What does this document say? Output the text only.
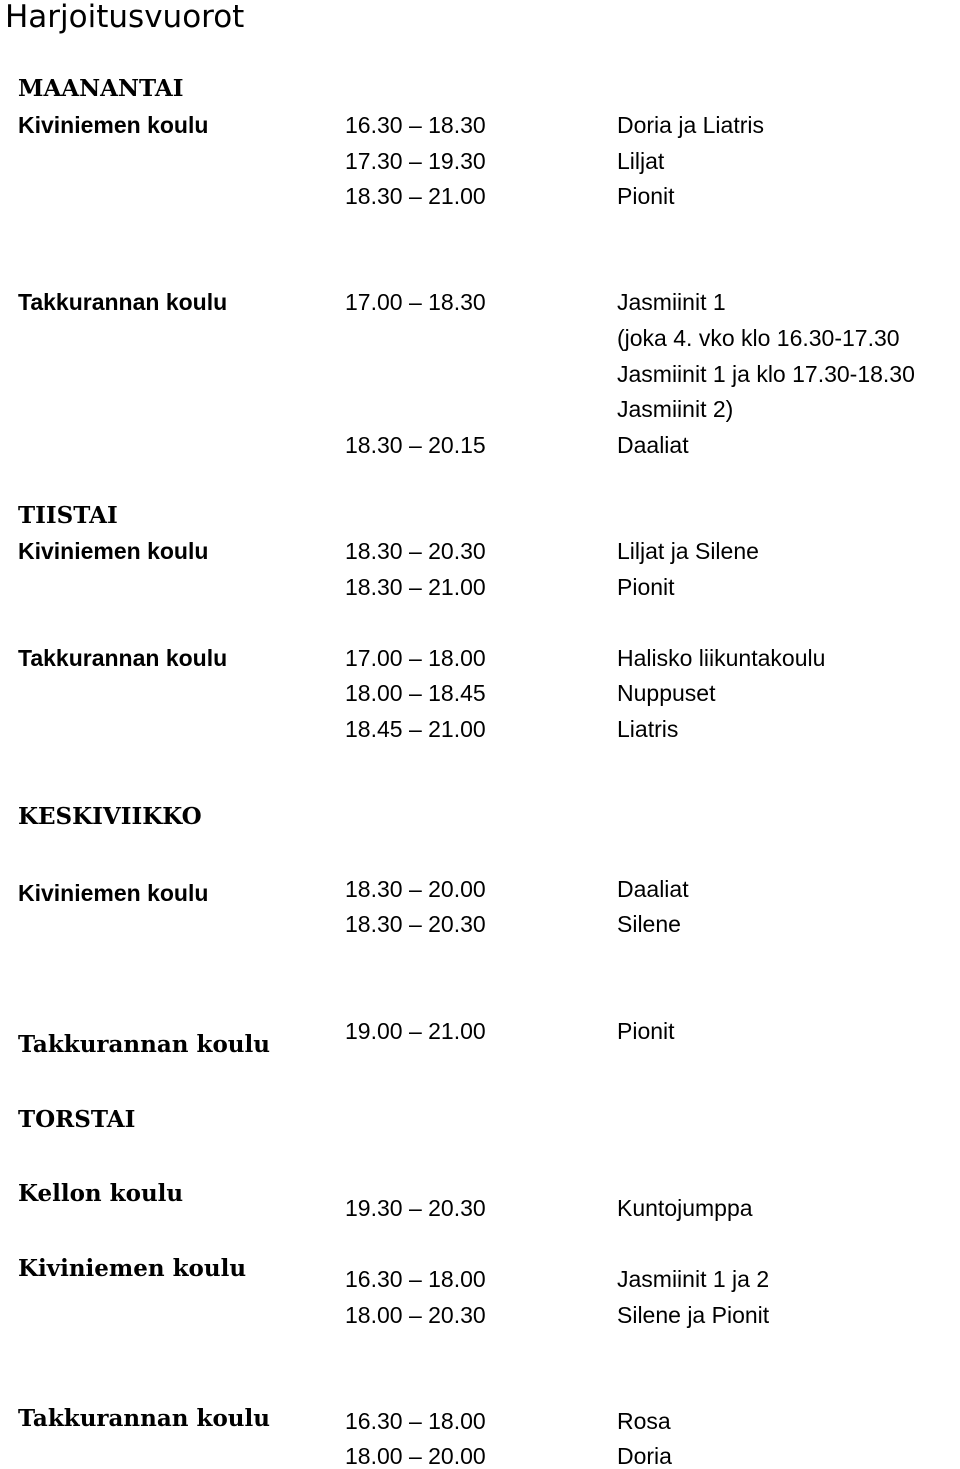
Harjoitusvuorot
MAANANTAI
Kiviniemen koulu	16.30 – 18.30	Doria ja Liatris
17.30 – 19.30	Liljat
18.30 – 21.00	Pionit
Takkurannan koulu	17.00 – 18.30	Jasmiinit 1
(joka 4. vko klo 16.30-17.30
Jasmiinit 1 ja klo 17.30-18.30
Jasmiinit 2)
18.30 – 20.15	Daaliat
TIISTAI
Kiviniemen koulu	18.30 – 20.30	Liljat ja Silene
18.30 – 21.00	Pionit
Takkurannan koulu	17.00 – 18.00	Halisko liikuntakoulu
18.00 – 18.45	Nuppuset
18.45 – 21.00	Liatris
KESKIVIIKKO
Kiviniemen koulu	18.30 – 20.00	Daaliat
18.30 – 20.30	Silene
Takkurannan koulu	19.00 – 21.00	Pionit
TORSTAI
Kellon koulu
19.30 – 20.30	Kuntojumppa
Kiviniemen koulu	16.30 – 18.00	Jasmiinit 1 ja 2
18.00 – 20.30	Silene ja Pionit
Takkurannan koulu	16.30 – 18.00	Rosa
18.00 – 20.00	Doria
